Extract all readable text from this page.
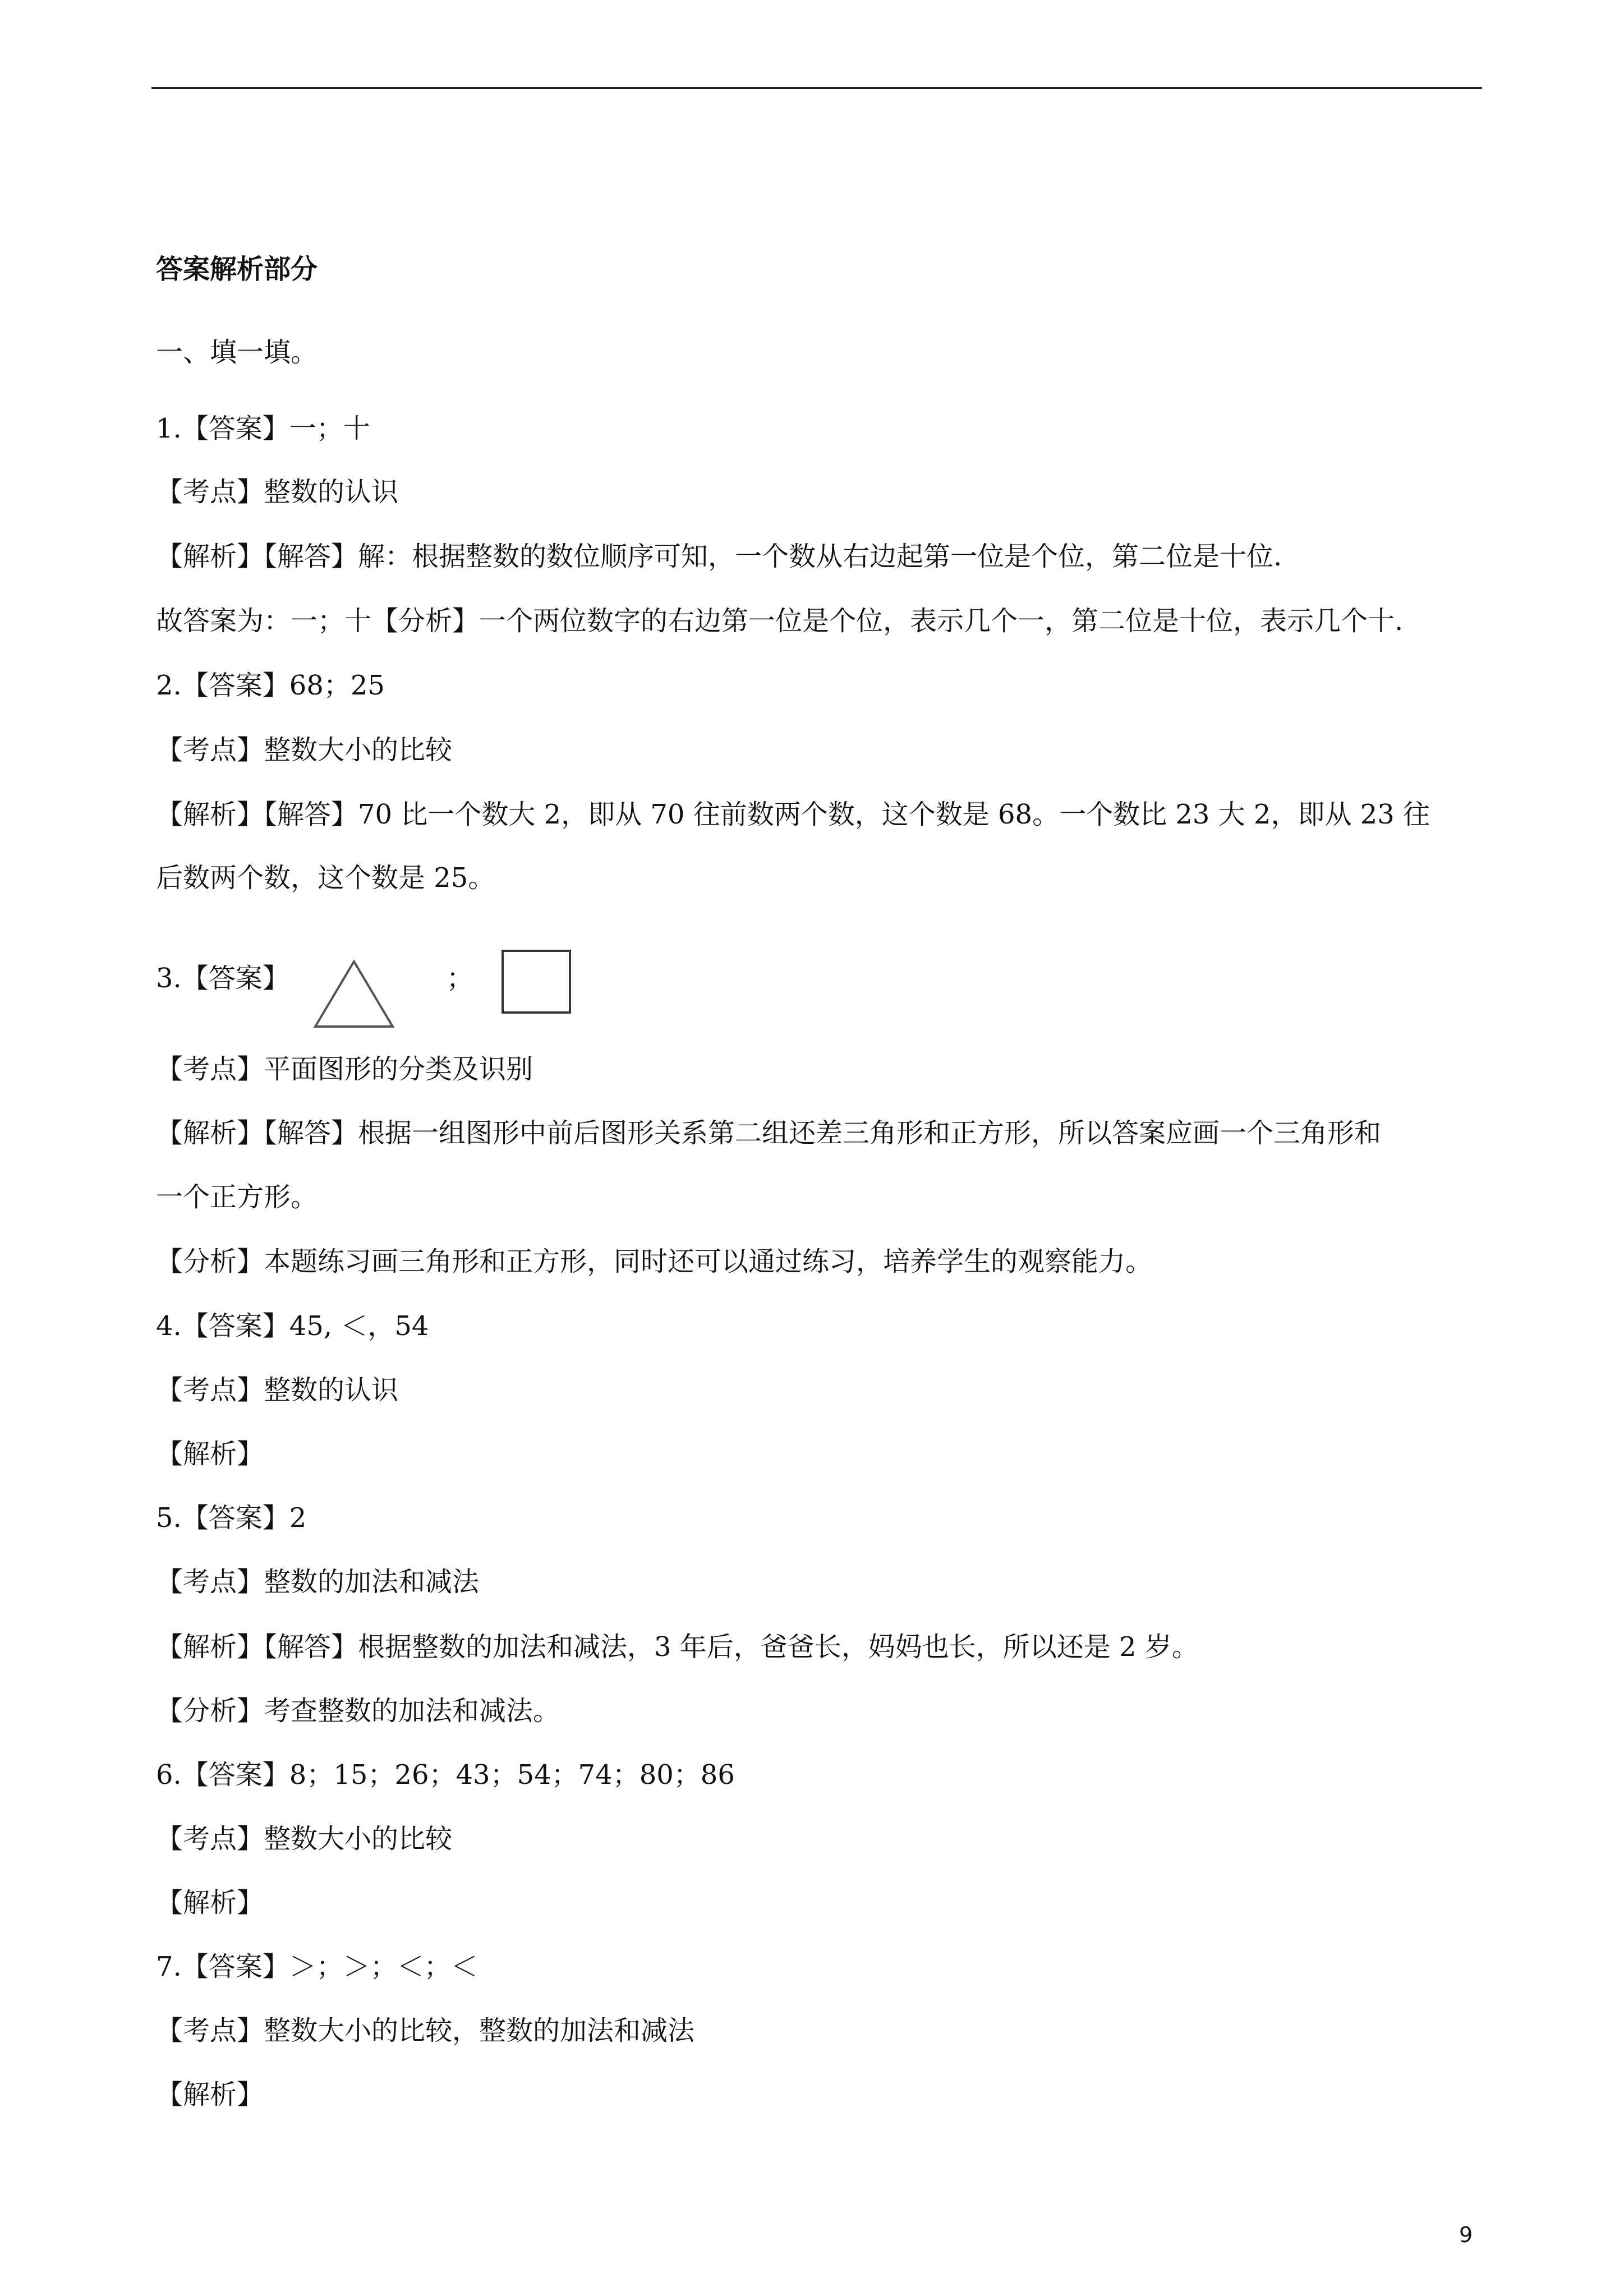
答案解析部分
一、填一填。
1.【答案】一；十
【考点】整数的认识
【解析】【解答】解：根据整数的数位顺序可知，一个数从右边起第一位是个位，第二位是十位.
故答案为：一；十【分析】一个两位数字的右边第一位是个位，表示几个一，第二位是十位，表示几个十.
2.【答案】68；25
【考点】整数大小的比较
【解析】【解答】70 比一个数大 2，即从 70 往前数两个数，这个数是 68。一个数比 23 大 2，即从 23 往
后数两个数，这个数是 25。
3.【答案】	；
【考点】平面图形的分类及识别
【解析】【解答】根据一组图形中前后图形关系第二组还差三角形和正方形，所以答案应画一个三角形和
一个正方形。
【分析】本题练习画三角形和正方形，同时还可以通过练习，培养学生的观察能力。
4.【答案】45, ＜，54
【考点】整数的认识
【解析】
5.【答案】2
【考点】整数的加法和减法
【解析】【解答】根据整数的加法和减法，3 年后，爸爸长，妈妈也长，所以还是 2 岁。
【分析】考查整数的加法和减法。
6.【答案】8；15；26；43；54；74；80；86
【考点】整数大小的比较
【解析】
7.【答案】＞；＞；＜；＜
【考点】整数大小的比较，整数的加法和减法
【解析】
9
